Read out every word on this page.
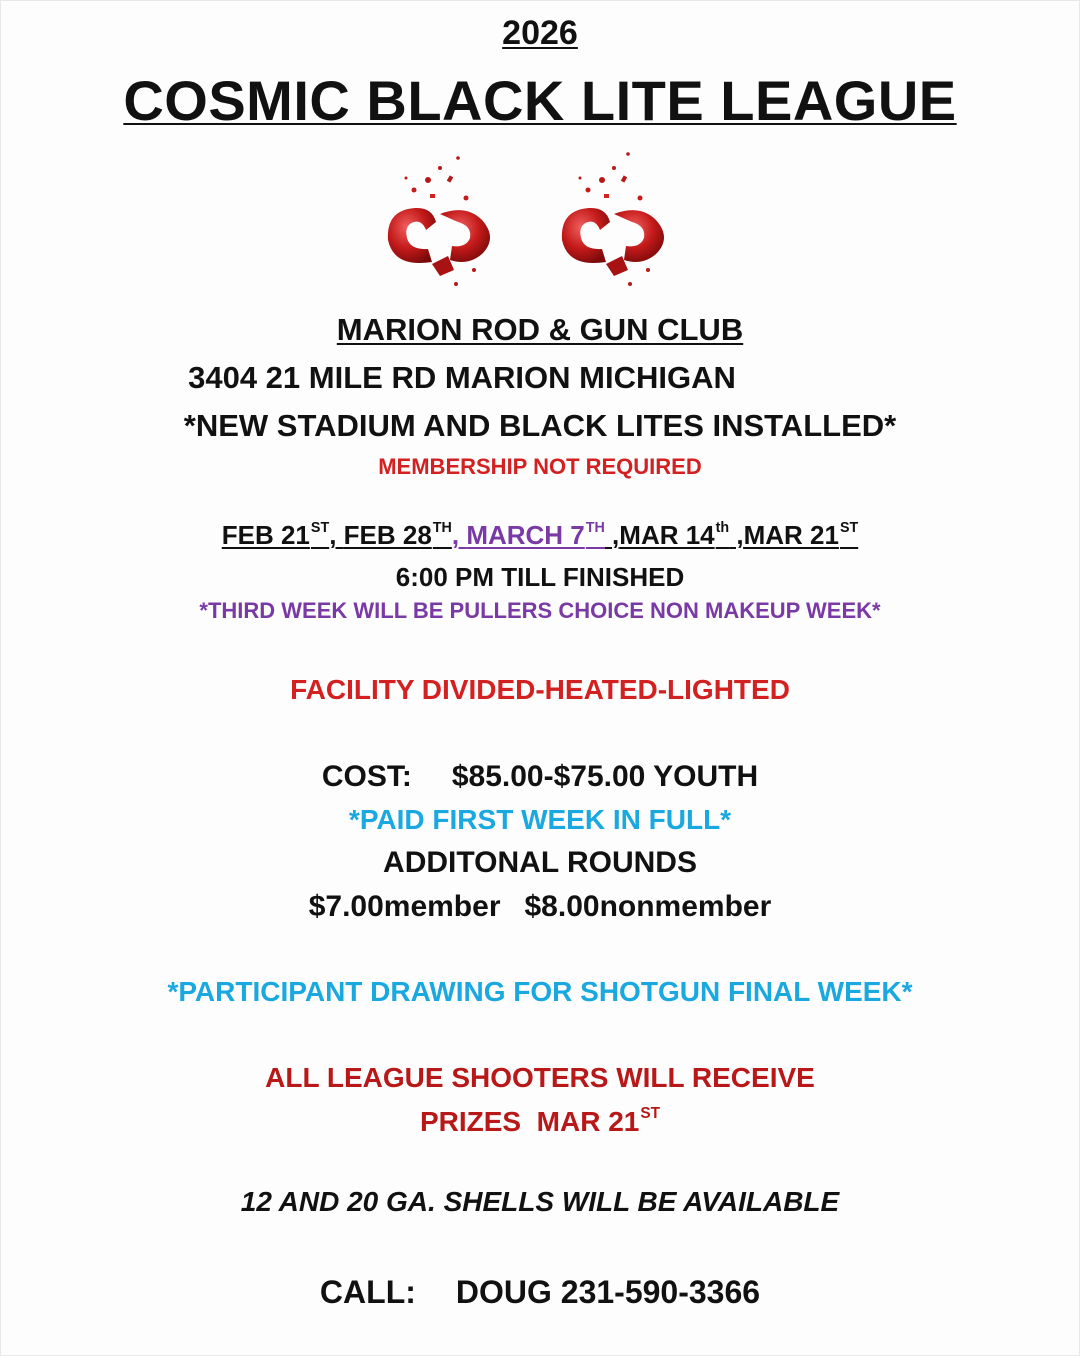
2026
COSMIC BLACK LITE LEAGUE
MARION ROD & GUN CLUB
3404 21 MILE RD MARION MICHIGAN
*NEW STADIUM AND BLACK LITES INSTALLED*
MEMBERSHIP NOT REQUIRED
FEB 21ST, FEB 28TH, MARCH 7TH ,MAR 14th ,MAR 21ST
6:00 PM TILL FINISHED
*THIRD WEEK WILL BE PULLERS CHOICE NON MAKEUP WEEK*
FACILITY DIVIDED-HEATED-LIGHTED
COST: $85.00-$75.00 YOUTH
*PAID FIRST WEEK IN FULL*
ADDITONAL ROUNDS
$7.00member $8.00nonmember
*PARTICIPANT DRAWING FOR SHOTGUN FINAL WEEK*
ALL LEAGUE SHOOTERS WILL RECEIVE
PRIZES  MAR 21ST
12 AND 20 GA. SHELLS WILL BE AVAILABLE
CALL: DOUG 231-590-3366
